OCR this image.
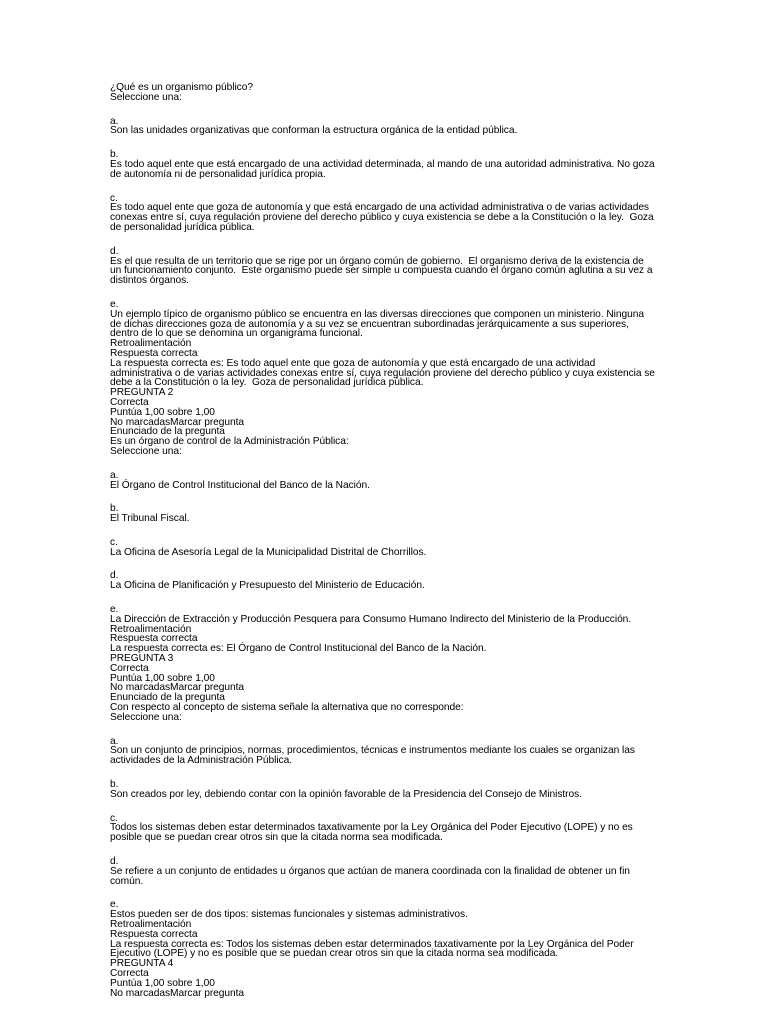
¿Qué es un organismo público?
Seleccione una:
a.
Son las unidades organizativas que conforman la estructura orgánica de la entidad pública.
b.
Es todo aquel ente que está encargado de una actividad determinada, al mando de una autoridad administrativa. No goza de autonomía ni de personalidad jurídica propia.
c.
Es todo aquel ente que goza de autonomía y que está encargado de una actividad administrativa o de varias actividades conexas entre sí, cuya regulación proviene del derecho público y cuya existencia se debe a la Constitución o la ley.  Goza de personalidad jurídica pública.
d.
Es el que resulta de un territorio que se rige por un órgano común de gobierno.  El organismo deriva de la existencia de un funcionamiento conjunto.  Este organismo puede ser simple u compuesta cuando el órgano común aglutina a su vez a distintos órganos.
e.
Un ejemplo típico de organismo público se encuentra en las diversas direcciones que componen un ministerio. Ninguna de dichas direcciones goza de autonomía y a su vez se encuentran subordinadas jerárquicamente a sus superiores, dentro de lo que se denomina un organigrama funcional.
Retroalimentación
Respuesta correcta
La respuesta correcta es: Es todo aquel ente que goza de autonomía y que está encargado de una actividad administrativa o de varias actividades conexas entre sí, cuya regulación proviene del derecho público y cuya existencia se debe a la Constitución o la ley.  Goza de personalidad jurídica pública.
PREGUNTA 2
Correcta
Puntúa 1,00 sobre 1,00
No marcadasMarcar pregunta
Enunciado de la pregunta
Es un órgano de control de la Administración Pública:
Seleccione una:
a.
El Órgano de Control Institucional del Banco de la Nación.
b.
El Tribunal Fiscal.
c.
La Oficina de Asesoría Legal de la Municipalidad Distrital de Chorrillos.
d.
La Oficina de Planificación y Presupuesto del Ministerio de Educación.
e.
La Dirección de Extracción y Producción Pesquera para Consumo Humano Indirecto del Ministerio de la Producción.
Retroalimentación
Respuesta correcta
La respuesta correcta es: El Órgano de Control Institucional del Banco de la Nación.
PREGUNTA 3
Correcta
Puntúa 1,00 sobre 1,00
No marcadasMarcar pregunta
Enunciado de la pregunta
Con respecto al concepto de sistema señale la alternativa que no corresponde:
Seleccione una:
a.
Son un conjunto de principios, normas, procedimientos, técnicas e instrumentos mediante los cuales se organizan las actividades de la Administración Pública.
b.
Son creados por ley, debiendo contar con la opinión favorable de la Presidencia del Consejo de Ministros.
c.
Todos los sistemas deben estar determinados taxativamente por la Ley Orgánica del Poder Ejecutivo (LOPE) y no es posible que se puedan crear otros sin que la citada norma sea modificada.
d.
Se refiere a un conjunto de entidades u órganos que actúan de manera coordinada con la finalidad de obtener un fin común.
e.
Estos pueden ser de dos tipos: sistemas funcionales y sistemas administrativos.
Retroalimentación
Respuesta correcta
La respuesta correcta es: Todos los sistemas deben estar determinados taxativamente por la Ley Orgánica del Poder Ejecutivo (LOPE) y no es posible que se puedan crear otros sin que la citada norma sea modificada.
PREGUNTA 4
Correcta
Puntúa 1,00 sobre 1,00
No marcadasMarcar pregunta
